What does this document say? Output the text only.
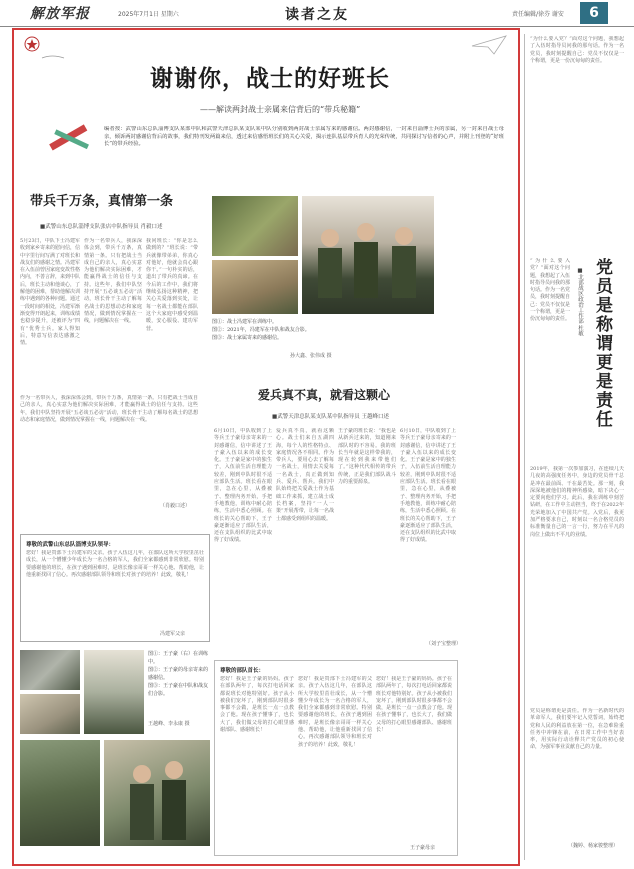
解放军报	2025年7月1日 星期六	读者之友	责任编辑/徐芬 谢安	6
谢谢你，战士的好班长
——解读两封战士亲属来信背后的“带兵秘籍”
编者按：武警山东总队淄博支队某部中队和武警天津总队某支队某中队分别收到两封战士亲属写来的感谢信。两封感谢信，一封来自淄博士兵的亲属，另一封来自战士母亲，倾诉两封感谢信背后的故事，我们特刊发两篇来信，透过来信感悟班长们的关心关爱，揭示连队基层带兵育人的光荣传统，共同探讨写信者的心声，并附上刊登的“好班长”的带兵经验。
带兵千万条，真情第一条
■武警山东总队淄博支队张店中队指导员 肖毅口述
5月23日，中队下士冯建军收到家乡寄来的慰问信，信中字里行间写满了对班长和战友们的感谢之情。冯建军在入伍前曾因家庭变故性格内向，不善言辞，来到中队后，班长主动和他谈心，了解他的困难，帮助他解决训练中遇到的各种问题。通过一段时间的相处，冯建军渐渐变得开朗起来，训练成绩也稳步提升，还被评为“四有”优秀士兵。家人得知后，特意写信表达感激之情。
作为一名带兵人，我深深体会到，带兵千万条，真情第一条。只有把战士当成自己的亲人，真心实意为他们解决实际困难，才能赢得战士的信任与支持。这些年，我们中队坚持开展“五必谈五必访”活动，班长骨干主动了解每名战士的思想动态和家庭情况，做到情况掌握在一线，问题解决在一线。
我问班长：“你是怎么做到的？”班长说：“带兵就像带弟弟，你真心对他好，他就会真心跟你干。”一句朴实的话，道出了带兵的真谛。在今后的工作中，我们将继续弘扬这种精神，把关心关爱落到实处，让每一名战士都能在部队这个大家庭中感受到温暖，安心服役、建功军营。
作为一名带兵人，我深深体会到，带兵千万条，真情第一条。只有把战士当成自己的亲人，真心实意为他们解决实际困难，才能赢得战士的信任与支持。这些年，我们中队坚持开展“五必谈五必访”活动，班长骨干主动了解每名战士的思想动态和家庭情况，做到情况掌握在一线，问题解决在一线。
（肖毅口述）
图①：战士冯建军在训练中。
图②：2021年，冯建军在中队和战友合影。
图③：战士家属寄来的感谢信。
孙大鑫、张伟成 摄
爱兵真不真，就看这颗心
■武警天津总队某支队某中队指导员 王越峰口述
6月10日，中队收到了上等兵王子豪母亲寄来的一封感谢信，信中讲述了王子豪入伍以来的成长变化。王子豪是家中的独生子，入伍前生活自理能力较差，刚到中队时很不适应部队生活。班长看在眼里，急在心里，从叠被子、整理内务开始，手把手地教他，训练中耐心陪练，生活中悉心照顾。在班长的关心帮助下，王子豪逐渐适应了部队生活，还在支队组织的比武中取得了好成绩。
爱兵真不真，就看这颗心。战士们来自五湖四海，每个人的性格特点、家庭情况各不相同。作为带兵人，要用心去了解每一名战士，用情去关爱每一名战士，真正做到知兵、爱兵、帮兵。我们中队始终把关爱战士作为基础工作来抓，建立战士成长档案，坚持“一人一策”开展帮带，让每一名战士都感受到组织的温暖。
王子豪的班长说：“我也是从新兵过来的，知道刚来部队时的不容易。我的班长当年就是这样带我的，现在轮到我来带他们了。”这种代代相传的带兵传统，正是我们部队战斗力的重要源泉。
6月10日，中队收到了上等兵王子豪母亲寄来的一封感谢信，信中讲述了王子豪入伍以来的成长变化。王子豪是家中的独生子，入伍前生活自理能力较差，刚到中队时很不适应部队生活。班长看在眼里，急在心里，从叠被子、整理内务开始，手把手地教他，训练中耐心陪练，生活中悉心照顾。在班长的关心帮助下，王子豪逐渐适应了部队生活，还在支队组织的比武中取得了好成绩。
（刘子宝整理）
尊敬的武警山东总队淄博支队领导：
您好！我是贵部下士冯建军的父亲。孩子入伍这几年，在部队这所大学校里茁壮成长，从一个懵懂少年成长为一名合格的军人，我们全家都感到非常欣慰。特别要感谢他的班长，在孩子遇到困难时，是班长像亲哥哥一样关心他、帮助他，让他重新找回了信心。再次感谢部队领导和班长对孩子的培养！此致，敬礼！
冯建军父亲
图①：王子豪（右）在训练中。
图②：王子豪的母亲寄来的感谢信。
图③：王子豪在中队和战友们合影。
王越峰、李永康 摄
尊敬的部队首长：
您好！我是王子豪的妈妈。孩子在部队两年了，每次打电话回家都说班长对他特别好。孩子从小被我们宠坏了，刚到部队时很多事都不会做，是班长一点一点教会了他。现在孩子懂事了，也长大了，我们做父母的打心眼里感谢部队、感谢班长！
您好！我是贵部下士冯建军的父亲。孩子入伍这几年，在部队这所大学校里茁壮成长，从一个懵懂少年成长为一名合格的军人，我们全家都感到非常欣慰。特别要感谢他的班长，在孩子遇到困难时，是班长像亲哥哥一样关心他、帮助他，让他重新找回了信心。再次感谢部队领导和班长对孩子的培养！此致，敬礼！
您好！我是王子豪的妈妈。孩子在部队两年了，每次打电话回家都说班长对他特别好。孩子从小被我们宠坏了，刚到部队时很多事都不会做，是班长一点一点教会了他。现在孩子懂事了，也长大了，我们做父母的打心眼里感谢部队、感谢班长！
王子豪母亲
“为什么要入党？”面对这个问题，我想起了入伍时指导员问我的那句话。作为一名党员，我时刻提醒自己：党员不仅仅是一个称谓，更是一份沉甸甸的责任。
党员是称谓更是责任
■北部战区政治工作部 杜敏
“为什么要入党？”面对这个问题，我想起了入伍时指导员问我的那句话。作为一名党员，我时刻提醒自己：党员不仅仅是一个称谓，更是一份沉甸甸的责任。
2019年，我第一次参加演习，在连续几天几夜的高强度任务中，身边的党员骨干总是冲在最前面、干在最苦处。那一刻，我深深地被他们的精神所感染，暗下决心一定要向他们学习。此后，我在训练中刻苦钻研，在工作中主动担当，终于在2022年光荣地加入了中国共产党。入党后，我更加严格要求自己，时刻以一名合格党员的标准衡量自己的一言一行，努力在平凡的岗位上做出不平凡的业绩。
党员是称谓更是责任。作为一名新时代的革命军人，我们要牢记入党誓词，始终把党和人民的利益放在第一位，在急难险重任务中冲锋在前，在日常工作中当好表率，用实际行动诠释共产党员的初心使命，为强军事业贡献自己的力量。
（魏婷、杨家骏整理）
